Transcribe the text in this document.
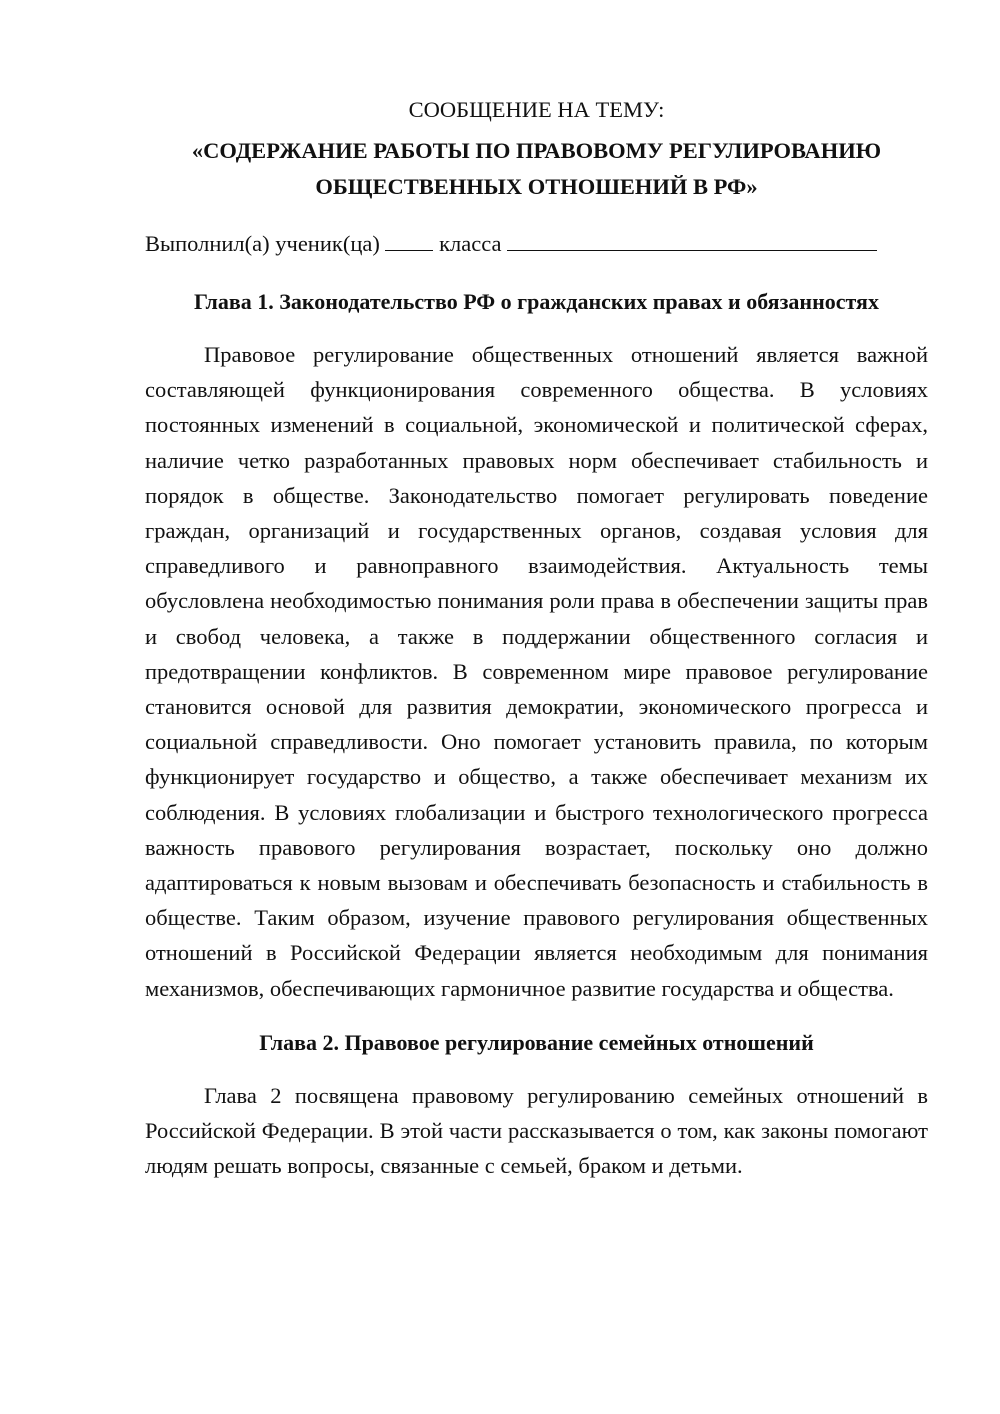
СООБЩЕНИЕ НА ТЕМУ:

«СОДЕРЖАНИЕ РАБОТЫ ПО ПРАВОВОМУ РЕГУЛИРОВАНИЮ
ОБЩЕСТВЕННЫХ ОТНОШЕНИЙ В РФ»
Выполнил(а) ученик(ца)	класса
Глава 1. Законодательство РФ о гражданских правах и обязанностях

Правовое регулирование общественных отношений является важной составляющей функционирования современного общества. В условиях постоянных изменений в социальной, экономической и политической сферах, наличие четко разработанных правовых норм обеспечивает стабильность и порядок в обществе. Законодательство помогает регулировать поведение граждан, организаций и государственных органов, создавая условия для справедливого и равноправного взаимодействия. Актуальность темы обусловлена необходимостью понимания роли права в обеспечении защиты прав и свобод человека, а также в поддержании общественного согласия и предотвращении конфликтов. В современном мире правовое регулирование становится основой для развития демократии, экономического прогресса и социальной справедливости. Оно помогает установить правила, по которым функционирует государство и общество, а также обеспечивает механизм их соблюдения. В условиях глобализации и быстрого технологического прогресса важность правового регулирования возрастает, поскольку оно должно адаптироваться к новым вызовам и обеспечивать безопасность и стабильность в обществе. Таким образом, изучение правового регулирования общественных отношений в Российской Федерации является необходимым для понимания механизмов, обеспечивающих гармоничное развитие государства и общества.

Глава 2. Правовое регулирование семейных отношений

Глава 2 посвящена правовому регулированию семейных отношений в Российской Федерации. В этой части рассказывается о том, как законы помогают людям решать вопросы, связанные с семьей, браком и детьми.
